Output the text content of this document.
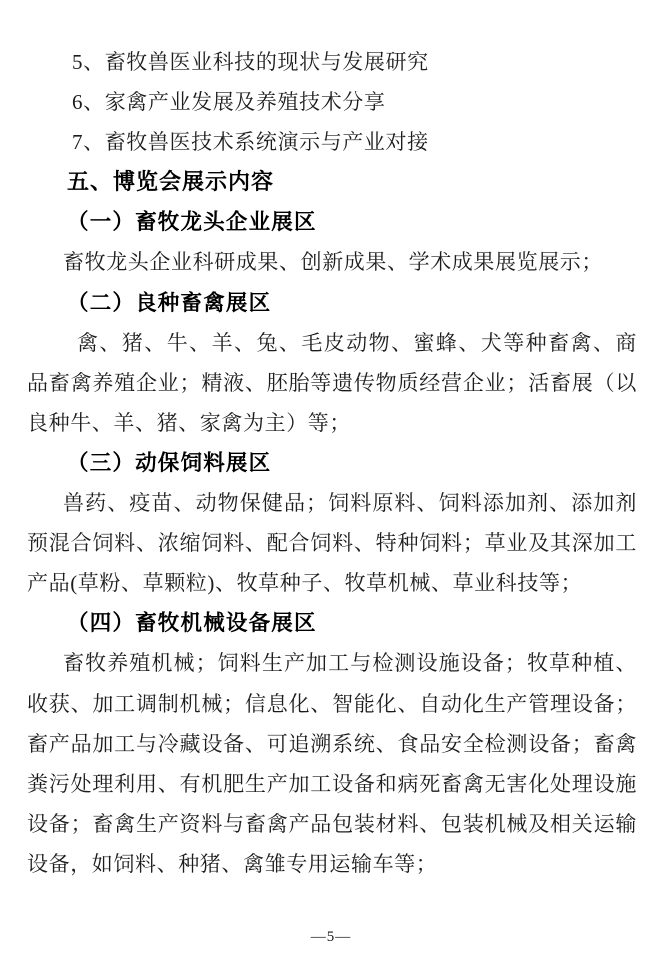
5、畜牧兽医业科技的现状与发展研究
6、家禽产业发展及养殖技术分享
7、畜牧兽医技术系统演示与产业对接
五、博览会展示内容
（一）畜牧龙头企业展区
畜牧龙头企业科研成果、创新成果、学术成果展览展示；
（二）良种畜禽展区
禽、猪、牛、羊、兔、毛皮动物、蜜蜂、犬等种畜禽、商
品畜禽养殖企业；精液、胚胎等遗传物质经营企业；活畜展（以
良种牛、羊、猪、家禽为主）等；
（三）动保饲料展区
兽药、疫苗、动物保健品；饲料原料、饲料添加剂、添加剂
预混合饲料、浓缩饲料、配合饲料、特种饲料；草业及其深加工
产品(草粉、草颗粒)、牧草种子、牧草机械、草业科技等；
（四）畜牧机械设备展区
畜牧养殖机械；饲料生产加工与检测设施设备；牧草种植、
收获、加工调制机械；信息化、智能化、自动化生产管理设备；
畜产品加工与冷藏设备、可追溯系统、食品安全检测设备；畜禽
粪污处理利用、有机肥生产加工设备和病死畜禽无害化处理设施
设备；畜禽生产资料与畜禽产品包装材料、包装机械及相关运输
设备，如饲料、种猪、禽雏专用运输车等；
—5—
